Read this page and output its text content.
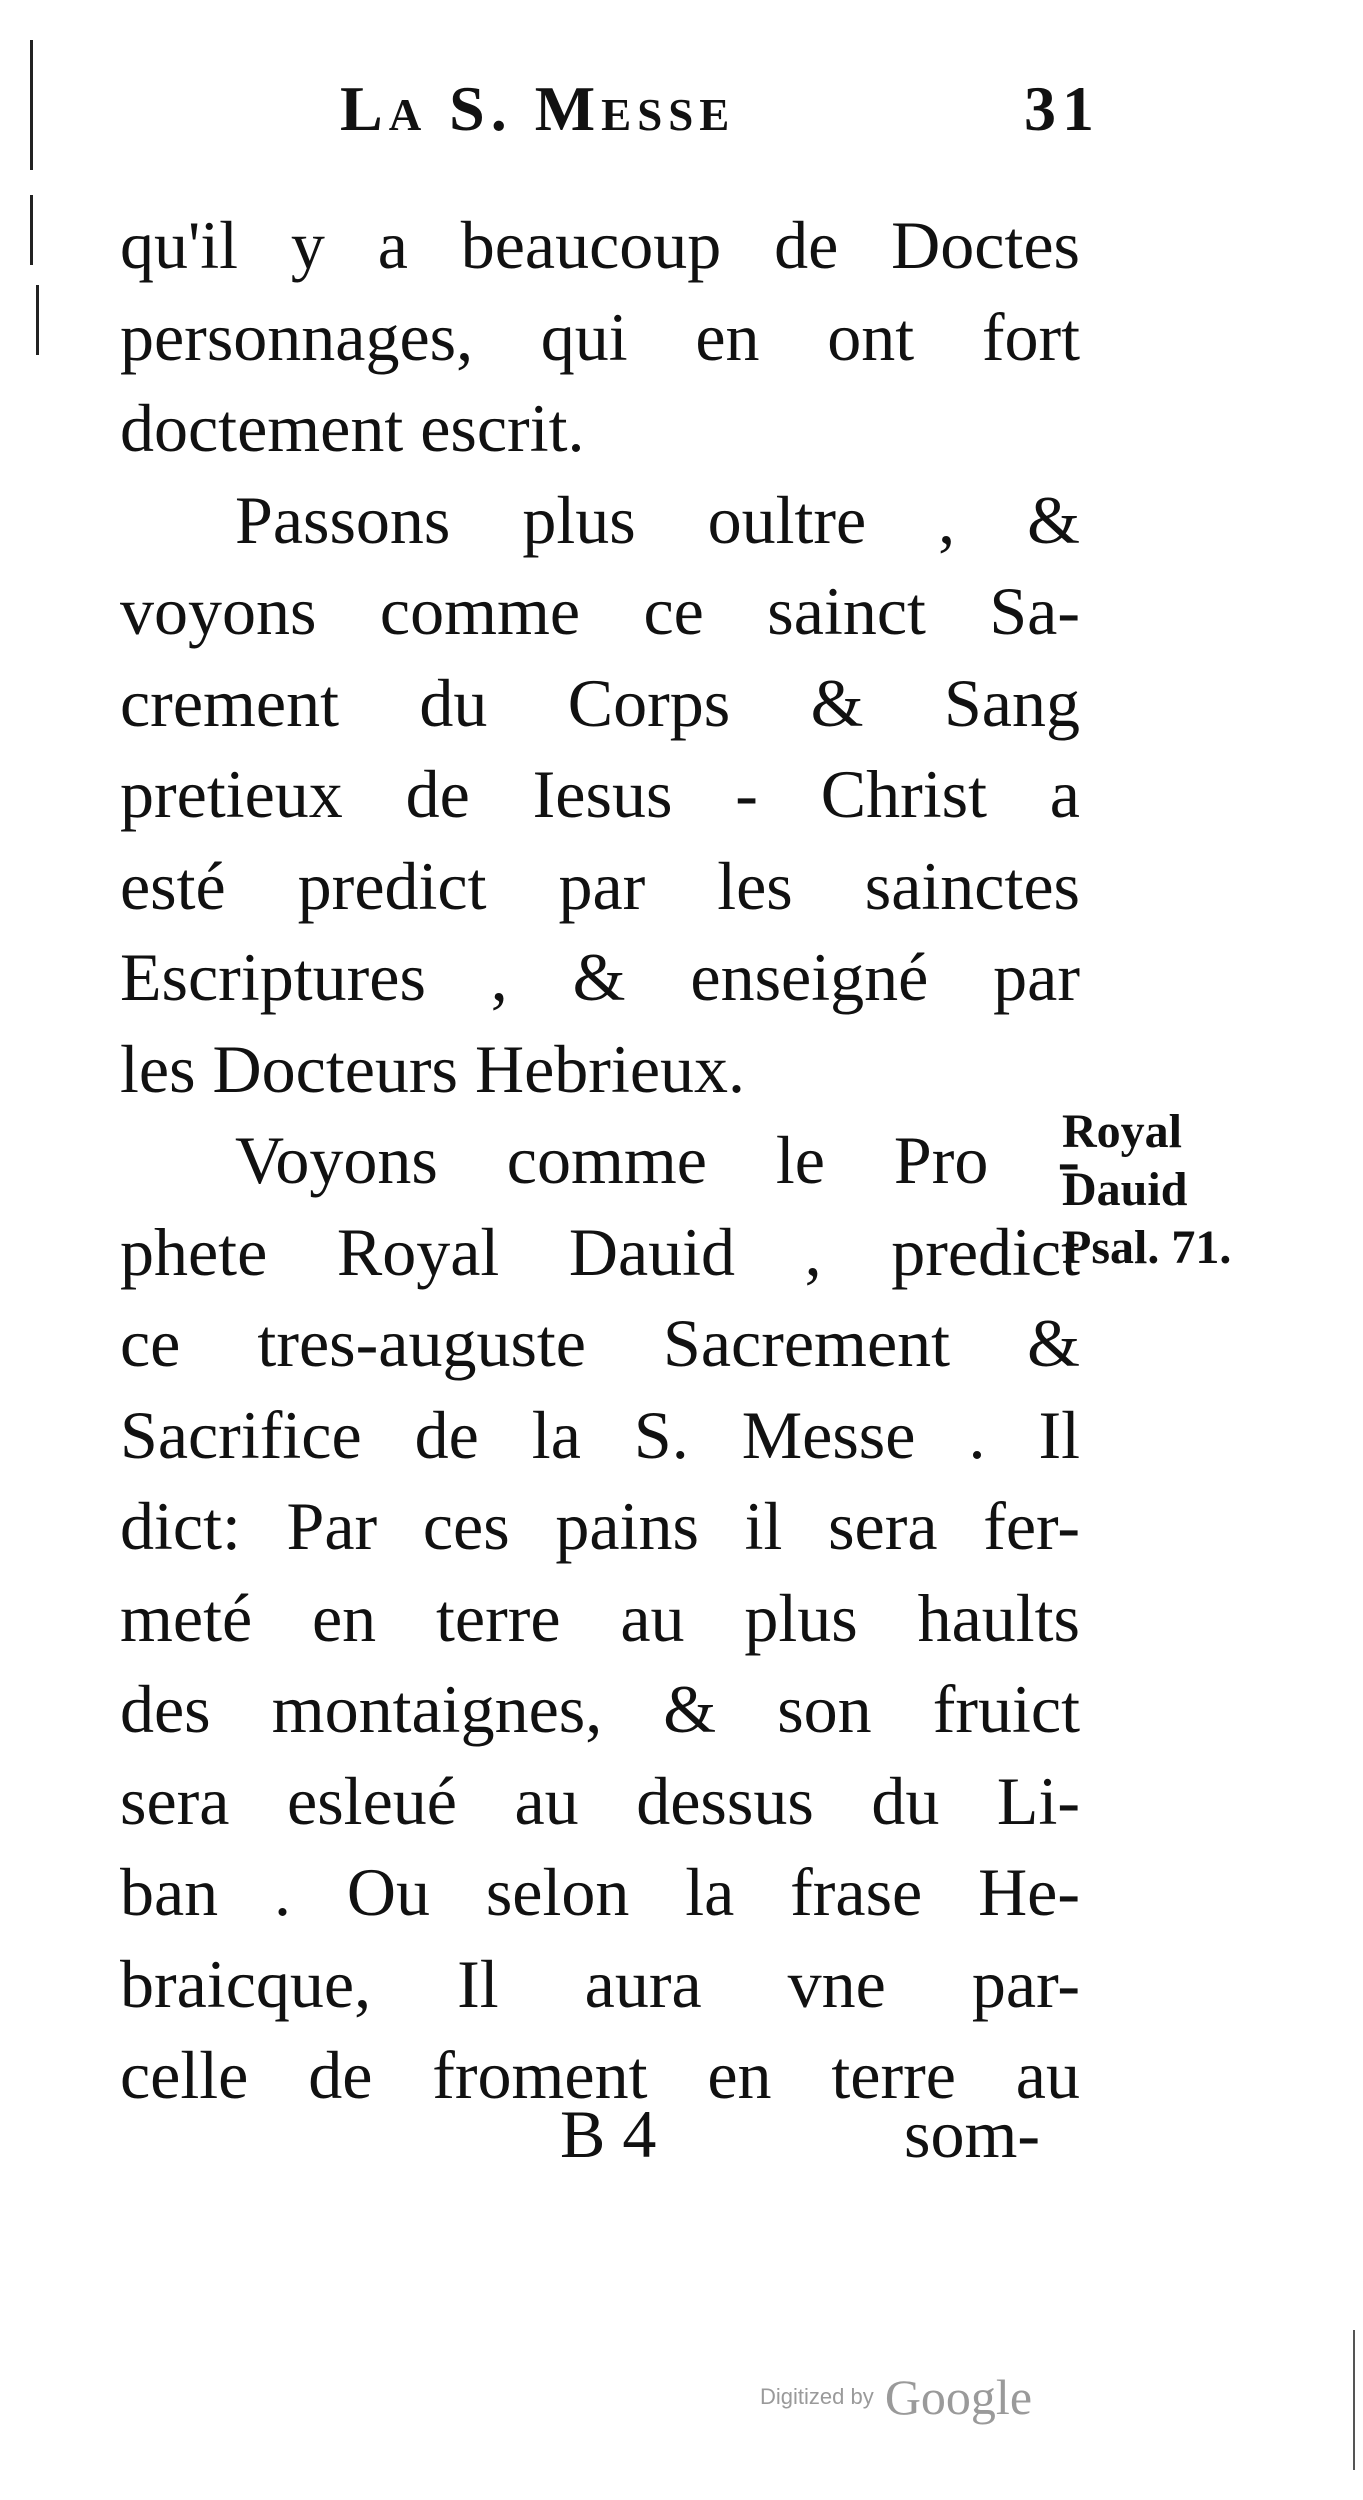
La S. Messe	31
qu'il y a beaucoup de Doctes
personnages, qui en ont fort
doctement escrit.
Passons plus oultre , &
voyons comme ce sainct Sa-
crement du Corps & Sang
pretieux de Iesus - Christ a
esté predict par les sainctes
Escriptures , & enseigné par
les Docteurs Hebrieux.
Voyons comme le Pro -
phete Royal Dauid , predict
ce tres-auguste Sacrement &
Sacrifice de la S. Messe . Il
dict: Par ces pains il sera fer-
meté en terre au plus haults
des montaignes, & son fruict
sera esleué au dessus du Li-
ban . Ou selon la frase He-
braicque, Il aura vne par-
celle de froment en terre au
Royal
Dauid
Psal. 71.
B 4	som-
Digitized by Google
